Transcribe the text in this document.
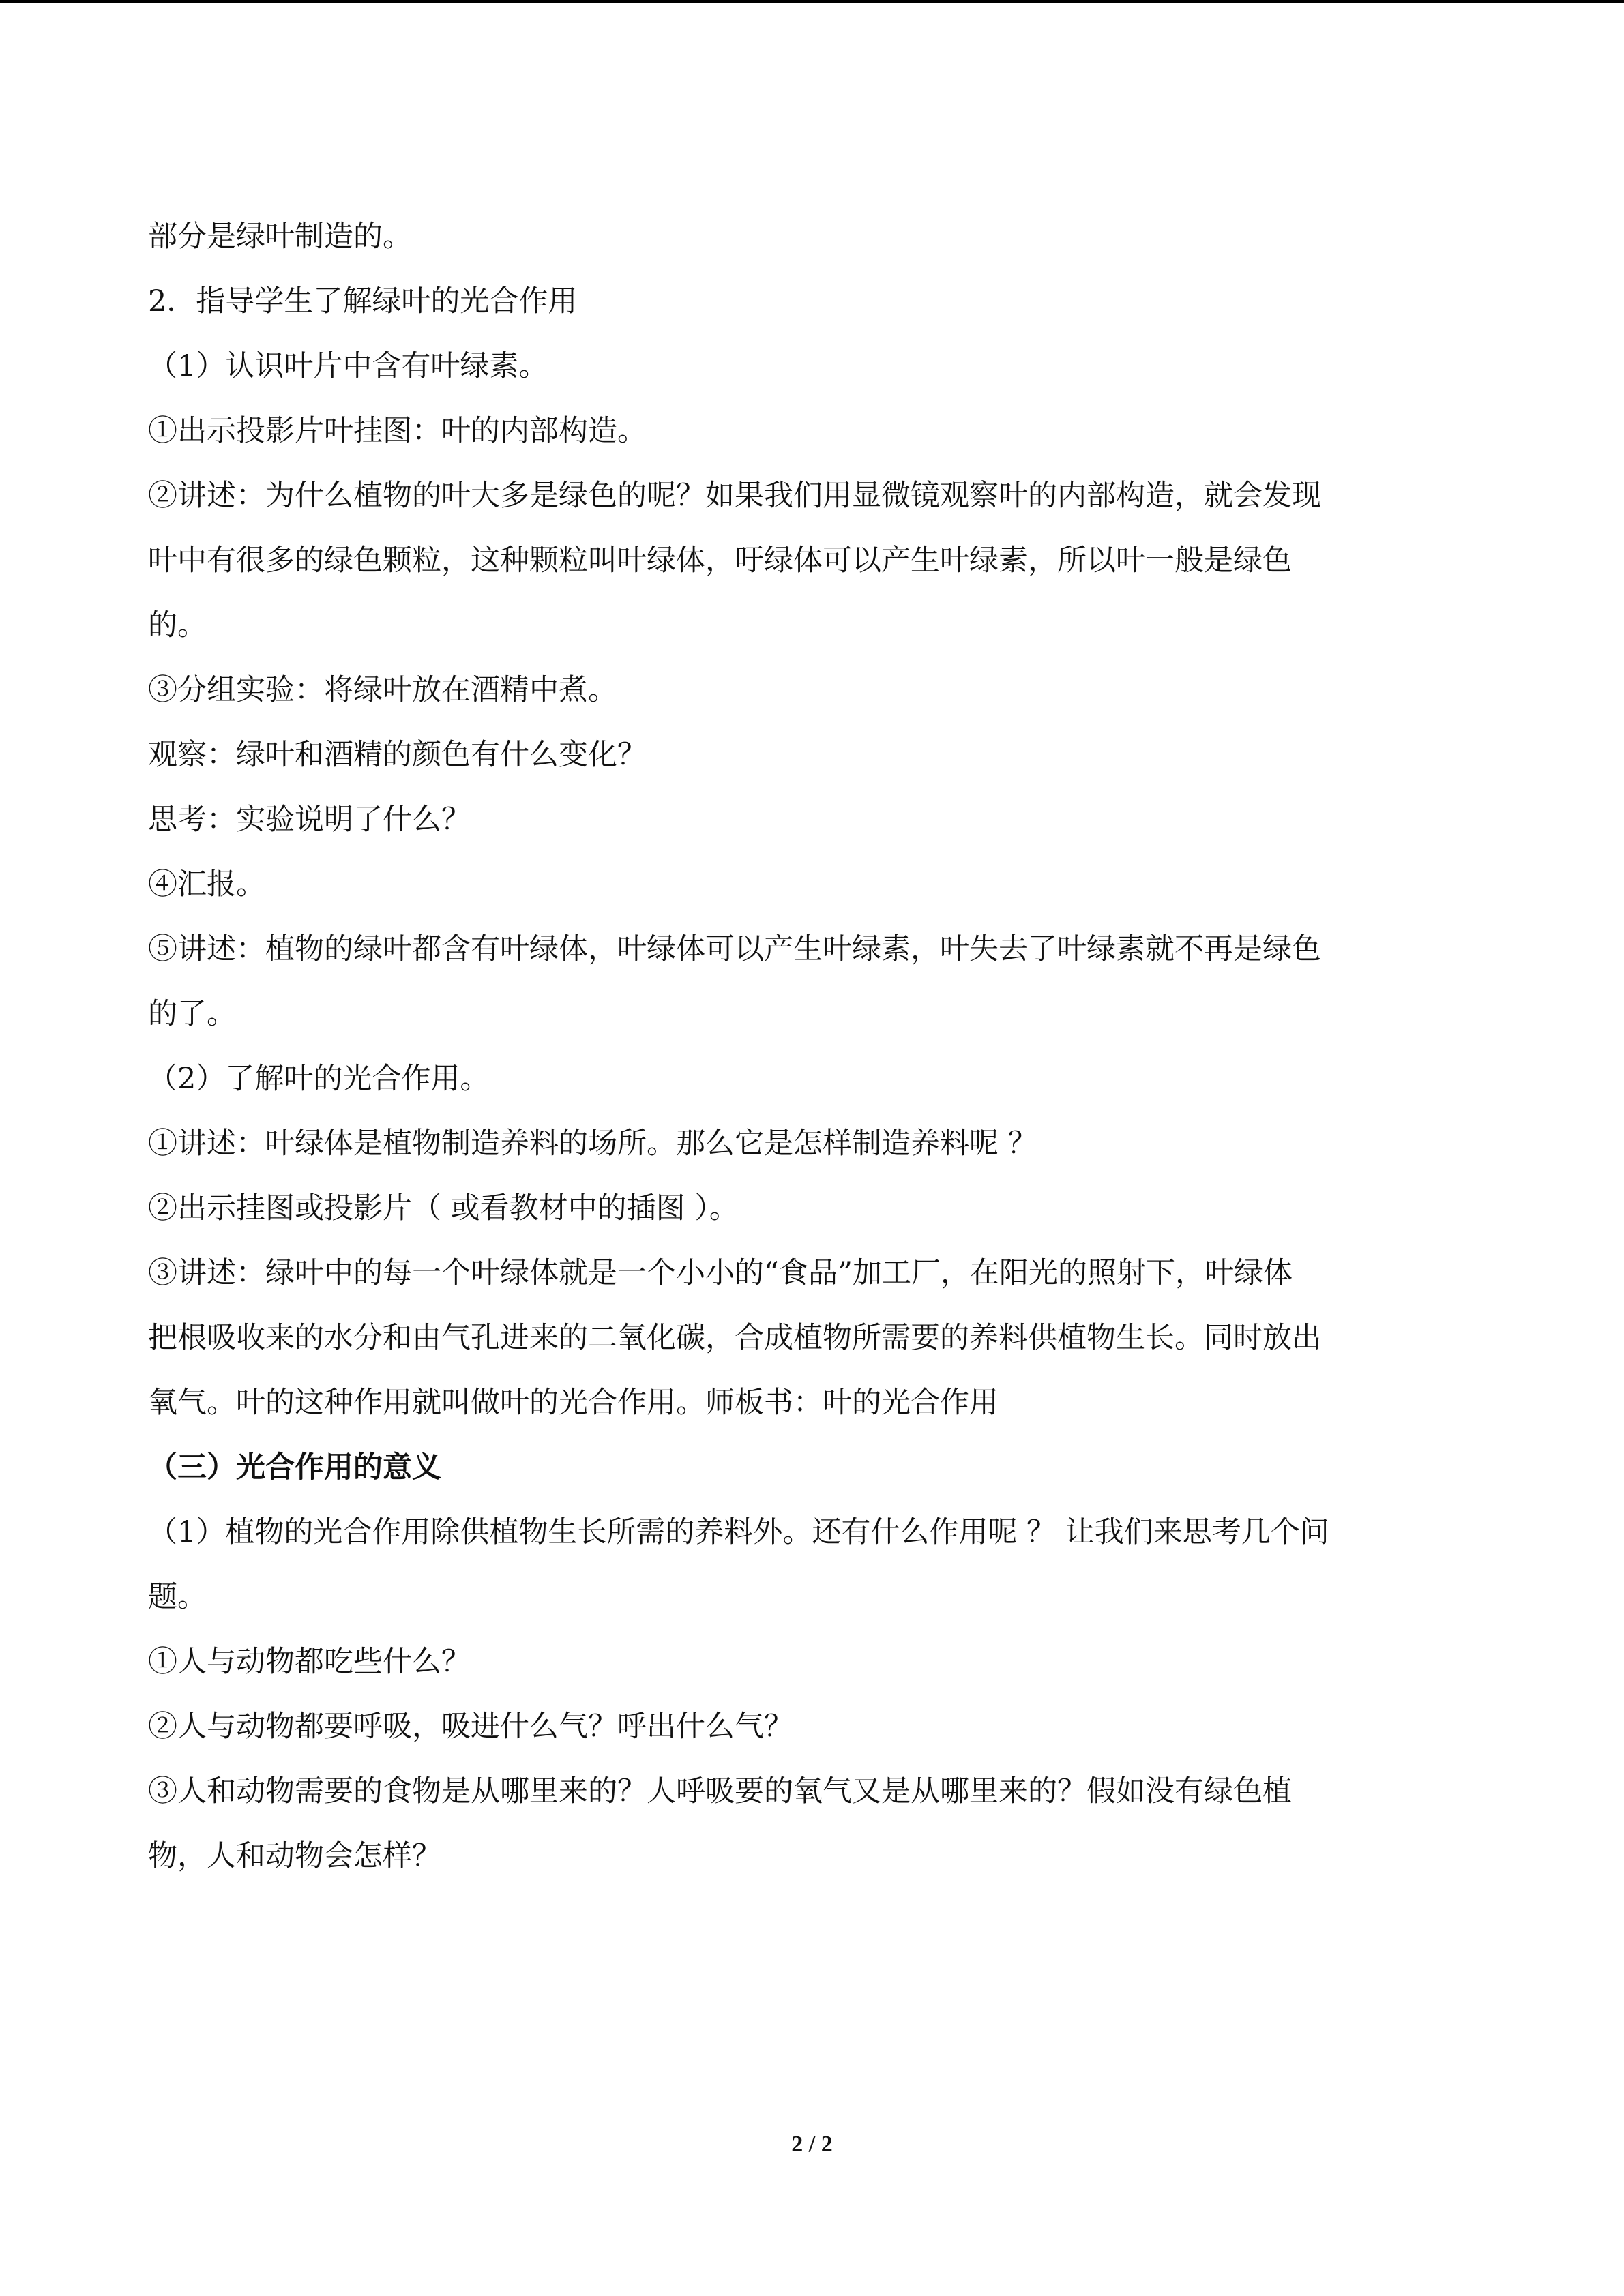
部分是绿叶制造的。

2．指导学生了解绿叶的光合作用

（1）认识叶片中含有叶绿素。

①出示投影片叶挂图：叶的内部构造。

②讲述：为什么植物的叶大多是绿色的呢？如果我们用显微镜观察叶的内部构造，就会发现

叶中有很多的绿色颗粒，这种颗粒叫叶绿体，吁绿体可以产生叶绿素，所以叶一般是绿色

的。

③分组实验：将绿叶放在酒精中煮。

观察：绿叶和酒精的颜色有什么变化？

思考：实验说明了什么？

④汇报。

⑤讲述：植物的绿叶都含有叶绿体，叶绿体可以产生叶绿素，叶失去了叶绿素就不再是绿色

的了。

（2）了解叶的光合作用。

①讲述：叶绿体是植物制造养料的场所。那么它是怎样制造养料呢 ？

②出示挂图或投影片（ 或看教材中的插图 ）。

③讲述：绿叶中的每一个叶绿体就是一个小小的“食品”加工厂，在阳光的照射下，叶绿体

把根吸收来的水分和由气孔进来的二氧化碳，合成植物所需要的养料供植物生长。同时放出

氧气。叶的这种作用就叫做叶的光合作用。师板书：叶的光合作用

（三）光合作用的意义

（1）植物的光合作用除供植物生长所需的养料外。还有什么作用呢 ？ 让我们来思考几个问

题。

①人与动物都吃些什么？

②人与动物都要呼吸，吸进什么气？呼出什么气？

③人和动物需要的食物是从哪里来的？人呼吸要的氧气又是从哪里来的？假如没有绿色植

物，人和动物会怎样？

2 / 2
